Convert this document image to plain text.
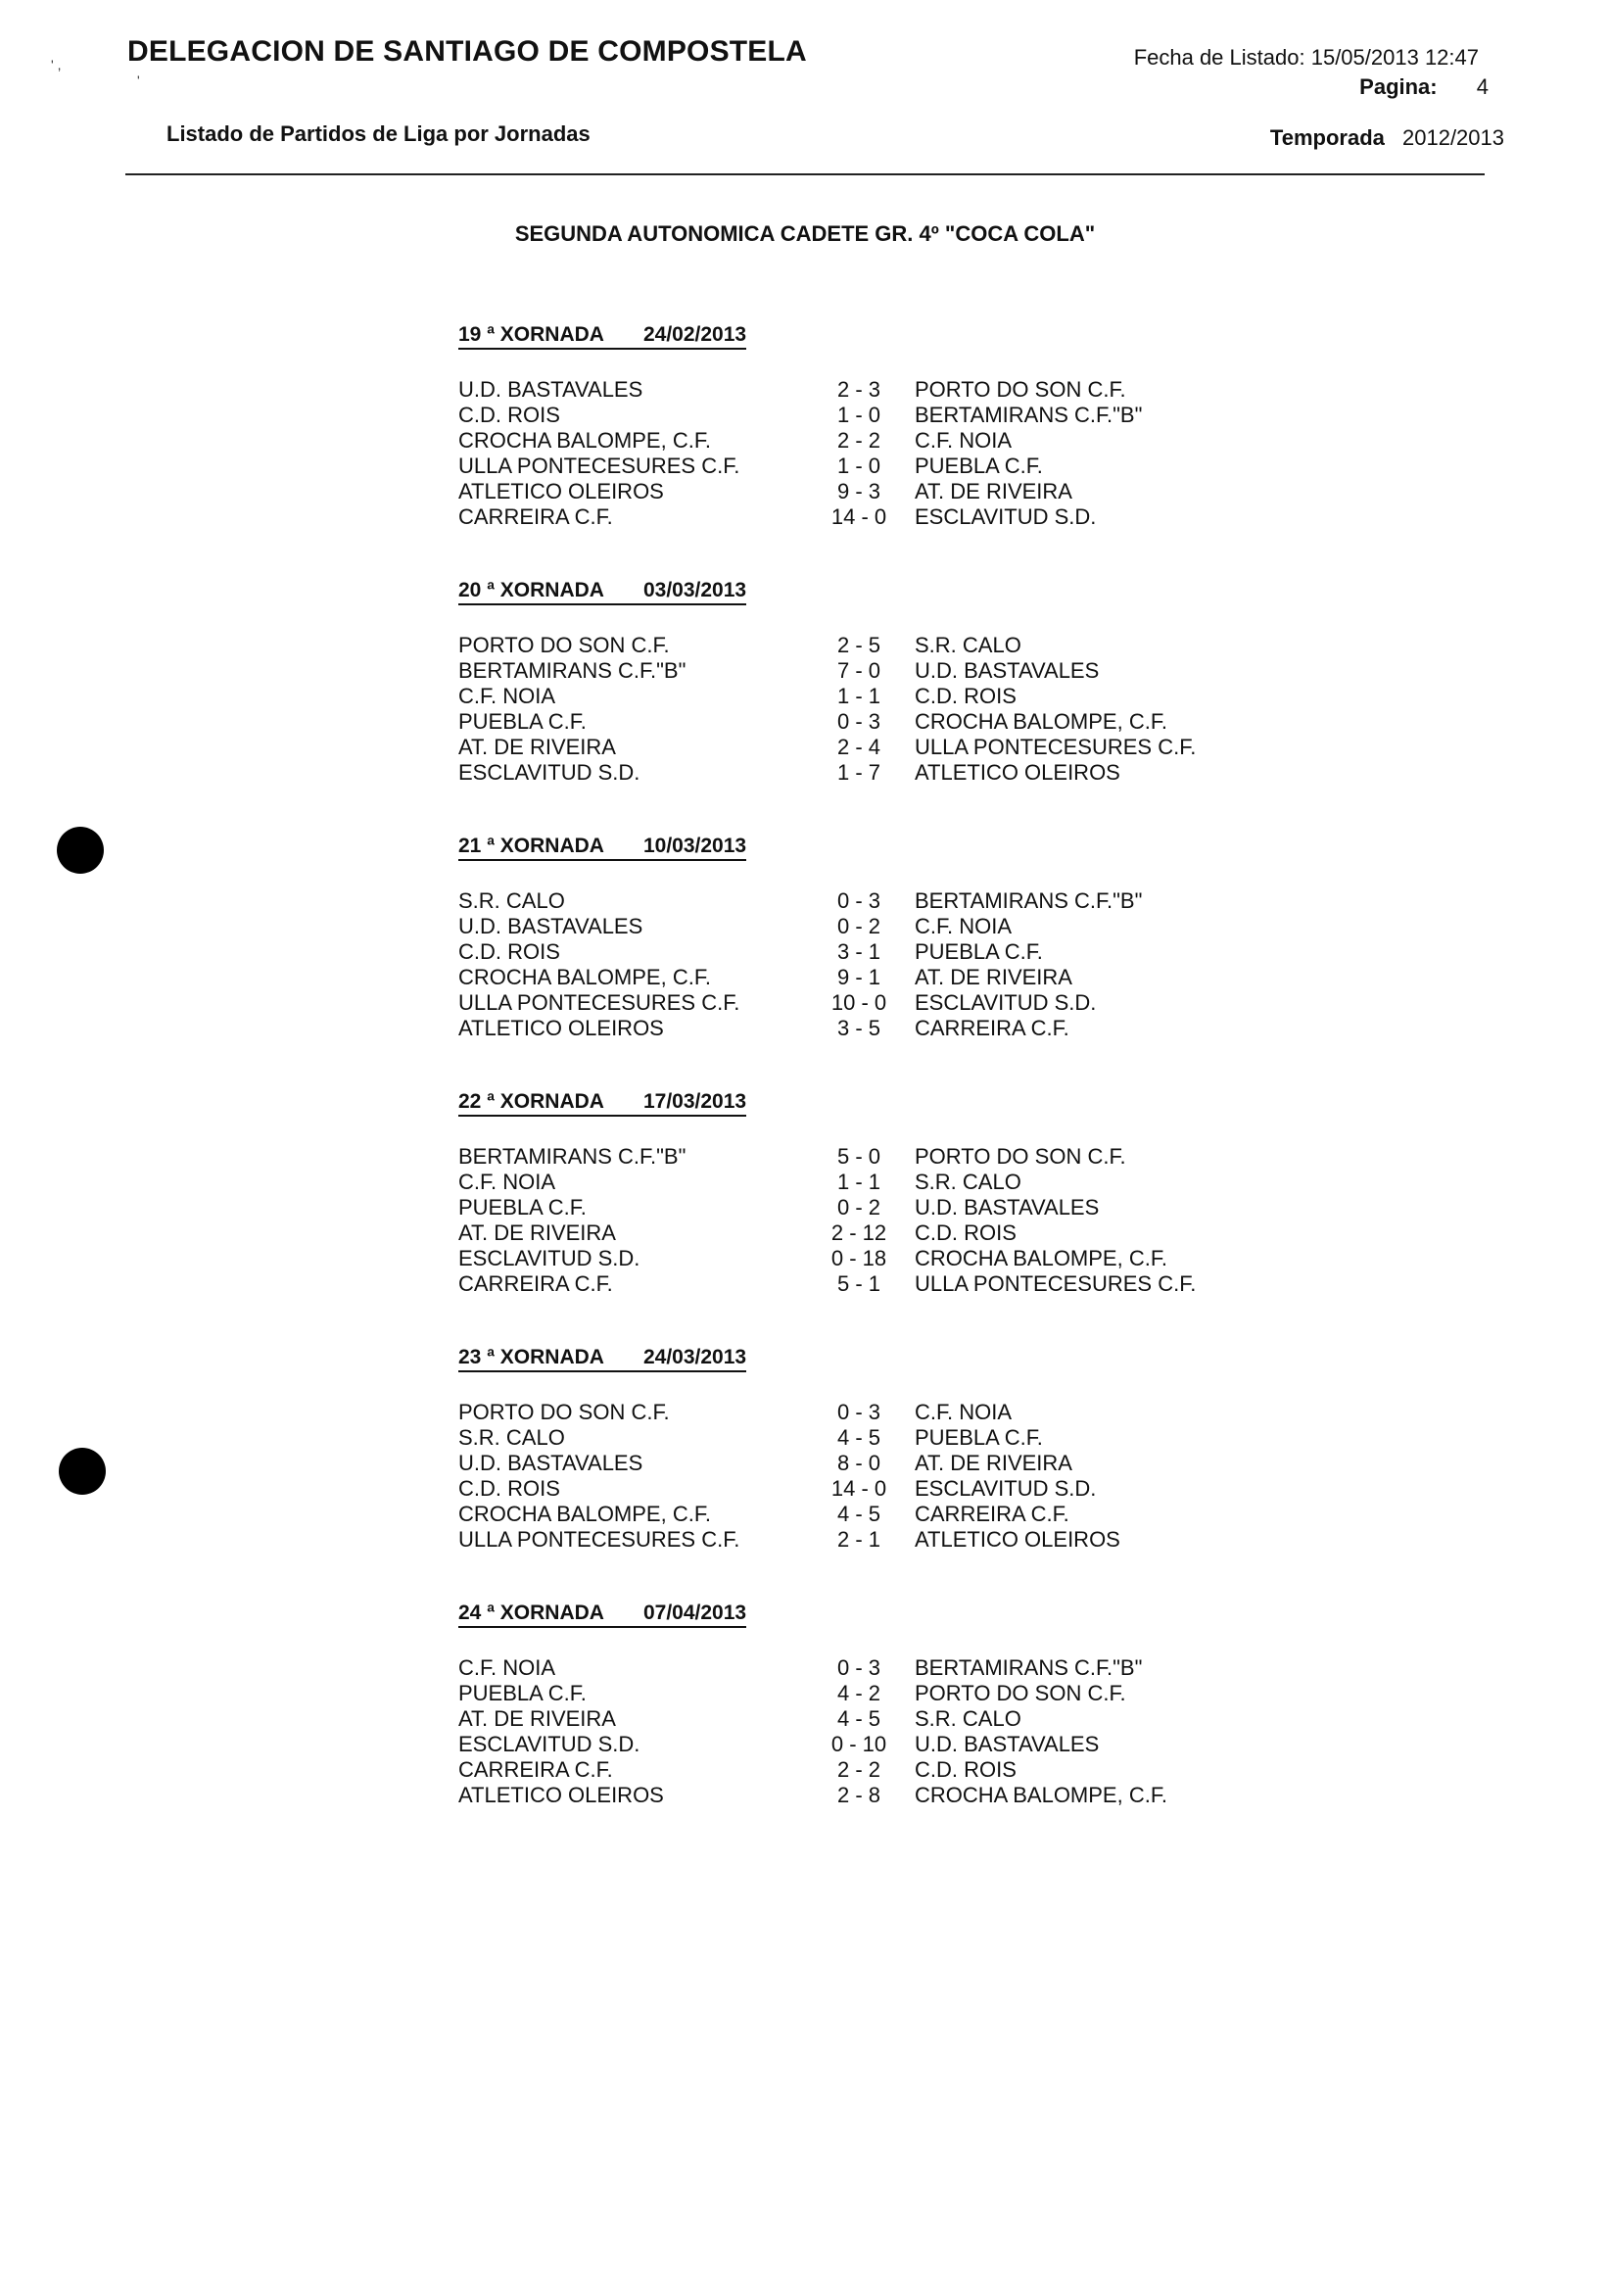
' ,
'
DELEGACION DE SANTIAGO DE COMPOSTELA	Fecha de Listado: 15/05/2013 12:47
Pagina: 4
Listado de Partidos de Liga por Jornadas	Temporada 2012/2013
SEGUNDA AUTONOMICA CADETE GR. 4º "COCA COLA"
19 ª XORNADA 24/02/2013
U.D. BASTAVALES	2 - 3	PORTO DO SON C.F.
C.D. ROIS	1 - 0	BERTAMIRANS C.F."B"
CROCHA BALOMPE, C.F.	2 - 2	C.F. NOIA
ULLA PONTECESURES C.F.	1 - 0	PUEBLA C.F.
ATLETICO OLEIROS	9 - 3	AT. DE RIVEIRA
CARREIRA C.F.	14 - 0	ESCLAVITUD S.D.
20 ª XORNADA 03/03/2013
PORTO DO SON C.F.	2 - 5	S.R. CALO
BERTAMIRANS C.F."B"	7 - 0	U.D. BASTAVALES
C.F. NOIA	1 - 1	C.D. ROIS
PUEBLA C.F.	0 - 3	CROCHA BALOMPE, C.F.
AT. DE RIVEIRA	2 - 4	ULLA PONTECESURES C.F.
ESCLAVITUD S.D.	1 - 7	ATLETICO OLEIROS
21 ª XORNADA 10/03/2013
S.R. CALO	0 - 3	BERTAMIRANS C.F."B"
U.D. BASTAVALES	0 - 2	C.F. NOIA
C.D. ROIS	3 - 1	PUEBLA C.F.
CROCHA BALOMPE, C.F.	9 - 1	AT. DE RIVEIRA
ULLA PONTECESURES C.F.	10 - 0	ESCLAVITUD S.D.
ATLETICO OLEIROS	3 - 5	CARREIRA C.F.
22 ª XORNADA 17/03/2013
BERTAMIRANS C.F."B"	5 - 0	PORTO DO SON C.F.
C.F. NOIA	1 - 1	S.R. CALO
PUEBLA C.F.	0 - 2	U.D. BASTAVALES
AT. DE RIVEIRA	2 - 12	C.D. ROIS
ESCLAVITUD S.D.	0 - 18	CROCHA BALOMPE, C.F.
CARREIRA C.F.	5 - 1	ULLA PONTECESURES C.F.
23 ª XORNADA 24/03/2013
PORTO DO SON C.F.	0 - 3	C.F. NOIA
S.R. CALO	4 - 5	PUEBLA C.F.
U.D. BASTAVALES	8 - 0	AT. DE RIVEIRA
C.D. ROIS	14 - 0	ESCLAVITUD S.D.
CROCHA BALOMPE, C.F.	4 - 5	CARREIRA C.F.
ULLA PONTECESURES C.F.	2 - 1	ATLETICO OLEIROS
24 ª XORNADA 07/04/2013
C.F. NOIA	0 - 3	BERTAMIRANS C.F."B"
PUEBLA C.F.	4 - 2	PORTO DO SON C.F.
AT. DE RIVEIRA	4 - 5	S.R. CALO
ESCLAVITUD S.D.	0 - 10	U.D. BASTAVALES
CARREIRA C.F.	2 - 2	C.D. ROIS
ATLETICO OLEIROS	2 - 8	CROCHA BALOMPE, C.F.
